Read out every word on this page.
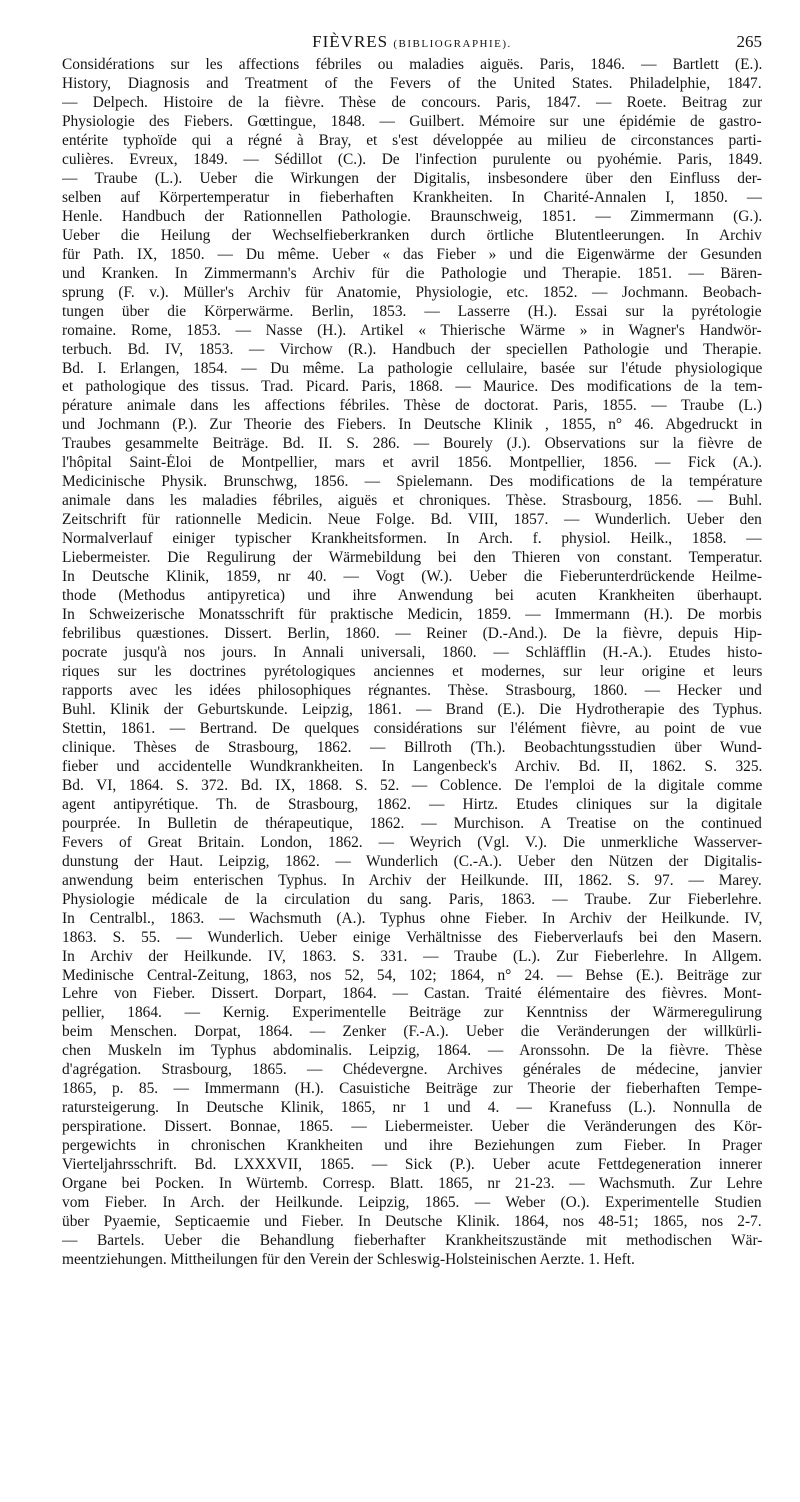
FIÈVRES (BIBLIOGRAPHIE).	265
Considérations sur les affections fébriles ou maladies aiguës. Paris, 1846. — Bartlett (E.).
History, Diagnosis and Treatment of the Fevers of the United States. Philadelphie, 1847.
— Delpech. Histoire de la fièvre. Thèse de concours. Paris, 1847. — Roete. Beitrag zur
Physiologie des Fiebers. Gœttingue, 1848. — Guilbert. Mémoire sur une épidémie de gastro-
entérite typhoïde qui a régné à Bray, et s'est développée au milieu de circonstances parti-
culières. Evreux, 1849. — Sédillot (C.). De l'infection purulente ou pyohémie. Paris, 1849.
— Traube (L.). Ueber die Wirkungen der Digitalis, insbesondere über den Einfluss der-
selben auf Körpertemperatur in fieberhaften Krankheiten. In Charité-Annalen I, 1850. —
Henle. Handbuch der Rationnellen Pathologie. Braunschweig, 1851. — Zimmermann (G.).
Ueber die Heilung der Wechselfieberkranken durch örtliche Blutentleerungen. In Archiv
für Path. IX, 1850. — Du même. Ueber « das Fieber » und die Eigenwärme der Gesunden
und Kranken. In Zimmermann's Archiv für die Pathologie und Therapie. 1851. — Bären-
sprung (F. v.). Müller's Archiv für Anatomie, Physiologie, etc. 1852. — Jochmann. Beobach-
tungen über die Körperwärme. Berlin, 1853. — Lasserre (H.). Essai sur la pyrétologie
romaine. Rome, 1853. — Nasse (H.). Artikel « Thierische Wärme » in Wagner's Handwör-
terbuch. Bd. IV, 1853. — Virchow (R.). Handbuch der speciellen Pathologie und Therapie.
Bd. I. Erlangen, 1854. — Du même. La pathologie cellulaire, basée sur l'étude physiologique
et pathologique des tissus. Trad. Picard. Paris, 1868. — Maurice. Des modifications de la tem-
pérature animale dans les affections fébriles. Thèse de doctorat. Paris, 1855. — Traube (L.)
und Jochmann (P.). Zur Theorie des Fiebers. In Deutsche Klinik , 1855, n° 46. Abgedruckt in
Traubes gesammelte Beiträge. Bd. II. S. 286. — Bourely (J.). Observations sur la fièvre de
l'hôpital Saint-Éloi de Montpellier, mars et avril 1856. Montpellier, 1856. — Fick (A.).
Medicinische Physik. Brunschwg, 1856. — Spielemann. Des modifications de la température
animale dans les maladies fébriles, aiguës et chroniques. Thèse. Strasbourg, 1856. — Buhl.
Zeitschrift für rationnelle Medicin. Neue Folge. Bd. VIII, 1857. — Wunderlich. Ueber den
Normalverlauf einiger typischer Krankheitsformen. In Arch. f. physiol. Heilk., 1858. —
Liebermeister. Die Regulirung der Wärmebildung bei den Thieren von constant. Temperatur.
In Deutsche Klinik, 1859, nr 40. — Vogt (W.). Ueber die Fieberunterdrückende Heilme-
thode (Methodus antipyretica) und ihre Anwendung bei acuten Krankheiten überhaupt.
In Schweizerische Monatsschrift für praktische Medicin, 1859. — Immermann (H.). De morbis
febrilibus quæstiones. Dissert. Berlin, 1860. — Reiner (D.-And.). De la fièvre, depuis Hip-
pocrate jusqu'à nos jours. In Annali universali, 1860. — Schläfflin (H.-A.). Etudes histo-
riques sur les doctrines pyrétologiques anciennes et modernes, sur leur origine et leurs
rapports avec les idées philosophiques régnantes. Thèse. Strasbourg, 1860. — Hecker und
Buhl. Klinik der Geburtskunde. Leipzig, 1861. — Brand (E.). Die Hydrotherapie des Typhus.
Stettin, 1861. — Bertrand. De quelques considérations sur l'élément fièvre, au point de vue
clinique. Thèses de Strasbourg, 1862. — Billroth (Th.). Beobachtungsstudien über Wund-
fieber und accidentelle Wundkrankheiten. In Langenbeck's Archiv. Bd. II, 1862. S. 325.
Bd. VI, 1864. S. 372. Bd. IX, 1868. S. 52. — Coblence. De l'emploi de la digitale comme
agent antipyrétique. Th. de Strasbourg, 1862. — Hirtz. Etudes cliniques sur la digitale
pourprée. In Bulletin de thérapeutique, 1862. — Murchison. A Treatise on the continued
Fevers of Great Britain. London, 1862. — Weyrich (Vgl. V.). Die unmerkliche Wasserver-
dunstung der Haut. Leipzig, 1862. — Wunderlich (C.-A.). Ueber den Nützen der Digitalis-
anwendung beim enterischen Typhus. In Archiv der Heilkunde. III, 1862. S. 97. — Marey.
Physiologie médicale de la circulation du sang. Paris, 1863. — Traube. Zur Fieberlehre.
In Centralbl., 1863. — Wachsmuth (A.). Typhus ohne Fieber. In Archiv der Heilkunde. IV,
1863. S. 55. — Wunderlich. Ueber einige Verhältnisse des Fieberverlaufs bei den Masern.
In Archiv der Heilkunde. IV, 1863. S. 331. — Traube (L.). Zur Fieberlehre. In Allgem.
Medinische Central-Zeitung, 1863, nos 52, 54, 102; 1864, n° 24. — Behse (E.). Beiträge zur
Lehre von Fieber. Dissert. Dorpart, 1864. — Castan. Traité élémentaire des fièvres. Mont-
pellier, 1864. — Kernig. Experimentelle Beiträge zur Kenntniss der Wärmeregulirung
beim Menschen. Dorpat, 1864. — Zenker (F.-A.). Ueber die Veränderungen der willkürli-
chen Muskeln im Typhus abdominalis. Leipzig, 1864. — Aronssohn. De la fièvre. Thèse
d'agrégation. Strasbourg, 1865. — Chédevergne. Archives générales de médecine, janvier
1865, p. 85. — Immermann (H.). Casuistiche Beiträge zur Theorie der fieberhaften Tempe-
ratursteigerung. In Deutsche Klinik, 1865, nr 1 und 4. — Kranefuss (L.). Nonnulla de
perspiratione. Dissert. Bonnae, 1865. — Liebermeister. Ueber die Veränderungen des Kör-
pergewichts in chronischen Krankheiten und ihre Beziehungen zum Fieber. In Prager
Vierteljahrsschrift. Bd. LXXXVII, 1865. — Sick (P.). Ueber acute Fettdegeneration innerer
Organe bei Pocken. In Würtemb. Corresp. Blatt. 1865, nr 21-23. — Wachsmuth. Zur Lehre
vom Fieber. In Arch. der Heilkunde. Leipzig, 1865. — Weber (O.). Experimentelle Studien
über Pyaemie, Septicaemie und Fieber. In Deutsche Klinik. 1864, nos 48-51; 1865, nos 2-7.
— Bartels. Ueber die Behandlung fieberhafter Krankheitszustände mit methodischen Wär-
meentziehungen. Mittheilungen für den Verein der Schleswig-Holsteinischen Aerzte. 1. Heft.
